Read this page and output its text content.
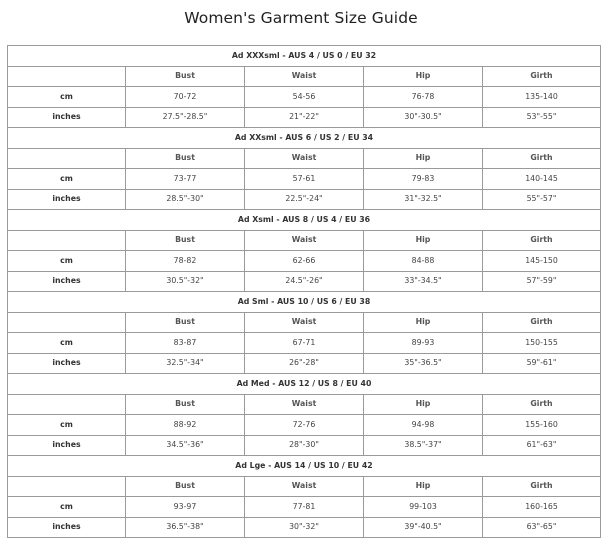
Women's Garment Size Guide
Ad XXXsml - AUS 4 / US 0 / EU 32				
	Bust	Waist	Hip	Girth
cm	70-72	54-56	76-78	135-140
inches	27.5"-28.5"	21"-22"	30"-30.5"	53"-55"
Ad XXsml - AUS 6 / US 2 / EU 34				
	Bust	Waist	Hip	Girth
cm	73-77	57-61	79-83	140-145
inches	28.5"-30"	22.5"-24"	31"-32.5"	55"-57"
Ad Xsml - AUS 8 / US 4 / EU 36				
	Bust	Waist	Hip	Girth
cm	78-82	62-66	84-88	145-150
inches	30.5"-32"	24.5"-26"	33"-34.5"	57"-59"
Ad Sml - AUS 10 / US 6 / EU 38				
	Bust	Waist	Hip	Girth
cm	83-87	67-71	89-93	150-155
inches	32.5"-34"	26"-28"	35"-36.5"	59"-61"
Ad Med - AUS 12 / US 8 / EU 40				
	Bust	Waist	Hip	Girth
cm	88-92	72-76	94-98	155-160
inches	34.5"-36"	28"-30"	38.5"-37"	61"-63"
Ad Lge - AUS 14 / US 10 / EU 42				
	Bust	Waist	Hip	Girth
cm	93-97	77-81	99-103	160-165
inches	36.5"-38"	30"-32"	39"-40.5"	63"-65"
